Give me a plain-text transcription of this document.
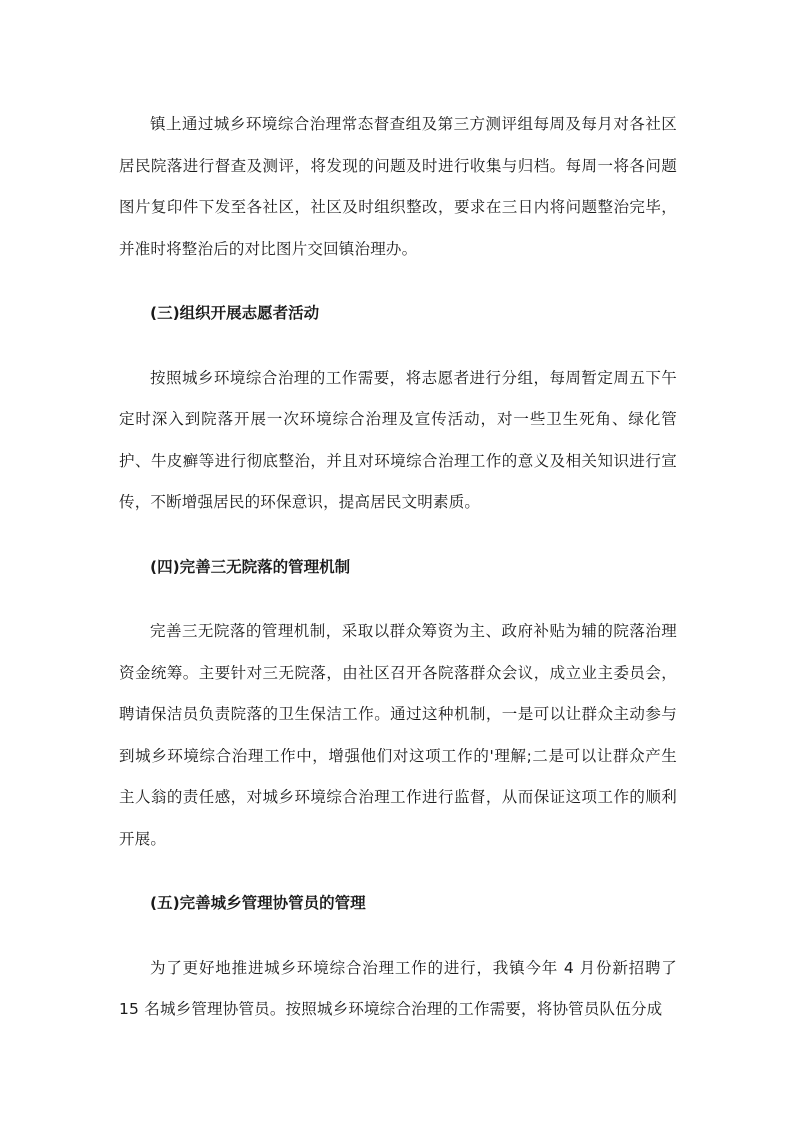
镇上通过城乡环境综合治理常态督查组及第三方测评组每周及每月对各社区居民院落进行督查及测评，将发现的问题及时进行收集与归档。每周一将各问题图片复印件下发至各社区，社区及时组织整改，要求在三日内将问题整治完毕，并准时将整治后的对比图片交回镇治理办。

(三)组织开展志愿者活动

按照城乡环境综合治理的工作需要，将志愿者进行分组，每周暂定周五下午定时深入到院落开展一次环境综合治理及宣传活动，对一些卫生死角、绿化管护、牛皮癣等进行彻底整治，并且对环境综合治理工作的意义及相关知识进行宣传，不断增强居民的环保意识，提高居民文明素质。

(四)完善三无院落的管理机制

完善三无院落的管理机制，采取以群众筹资为主、政府补贴为辅的院落治理资金统筹。主要针对三无院落，由社区召开各院落群众会议，成立业主委员会，聘请保洁员负责院落的卫生保洁工作。通过这种机制，一是可以让群众主动参与到城乡环境综合治理工作中，增强他们对这项工作的'理解;二是可以让群众产生主人翁的责任感，对城乡环境综合治理工作进行监督，从而保证这项工作的顺利开展。

(五)完善城乡管理协管员的管理

为了更好地推进城乡环境综合治理工作的进行，我镇今年 4 月份新招聘了 15 名城乡管理协管员。按照城乡环境综合治理的工作需要，将协管员队伍分成
